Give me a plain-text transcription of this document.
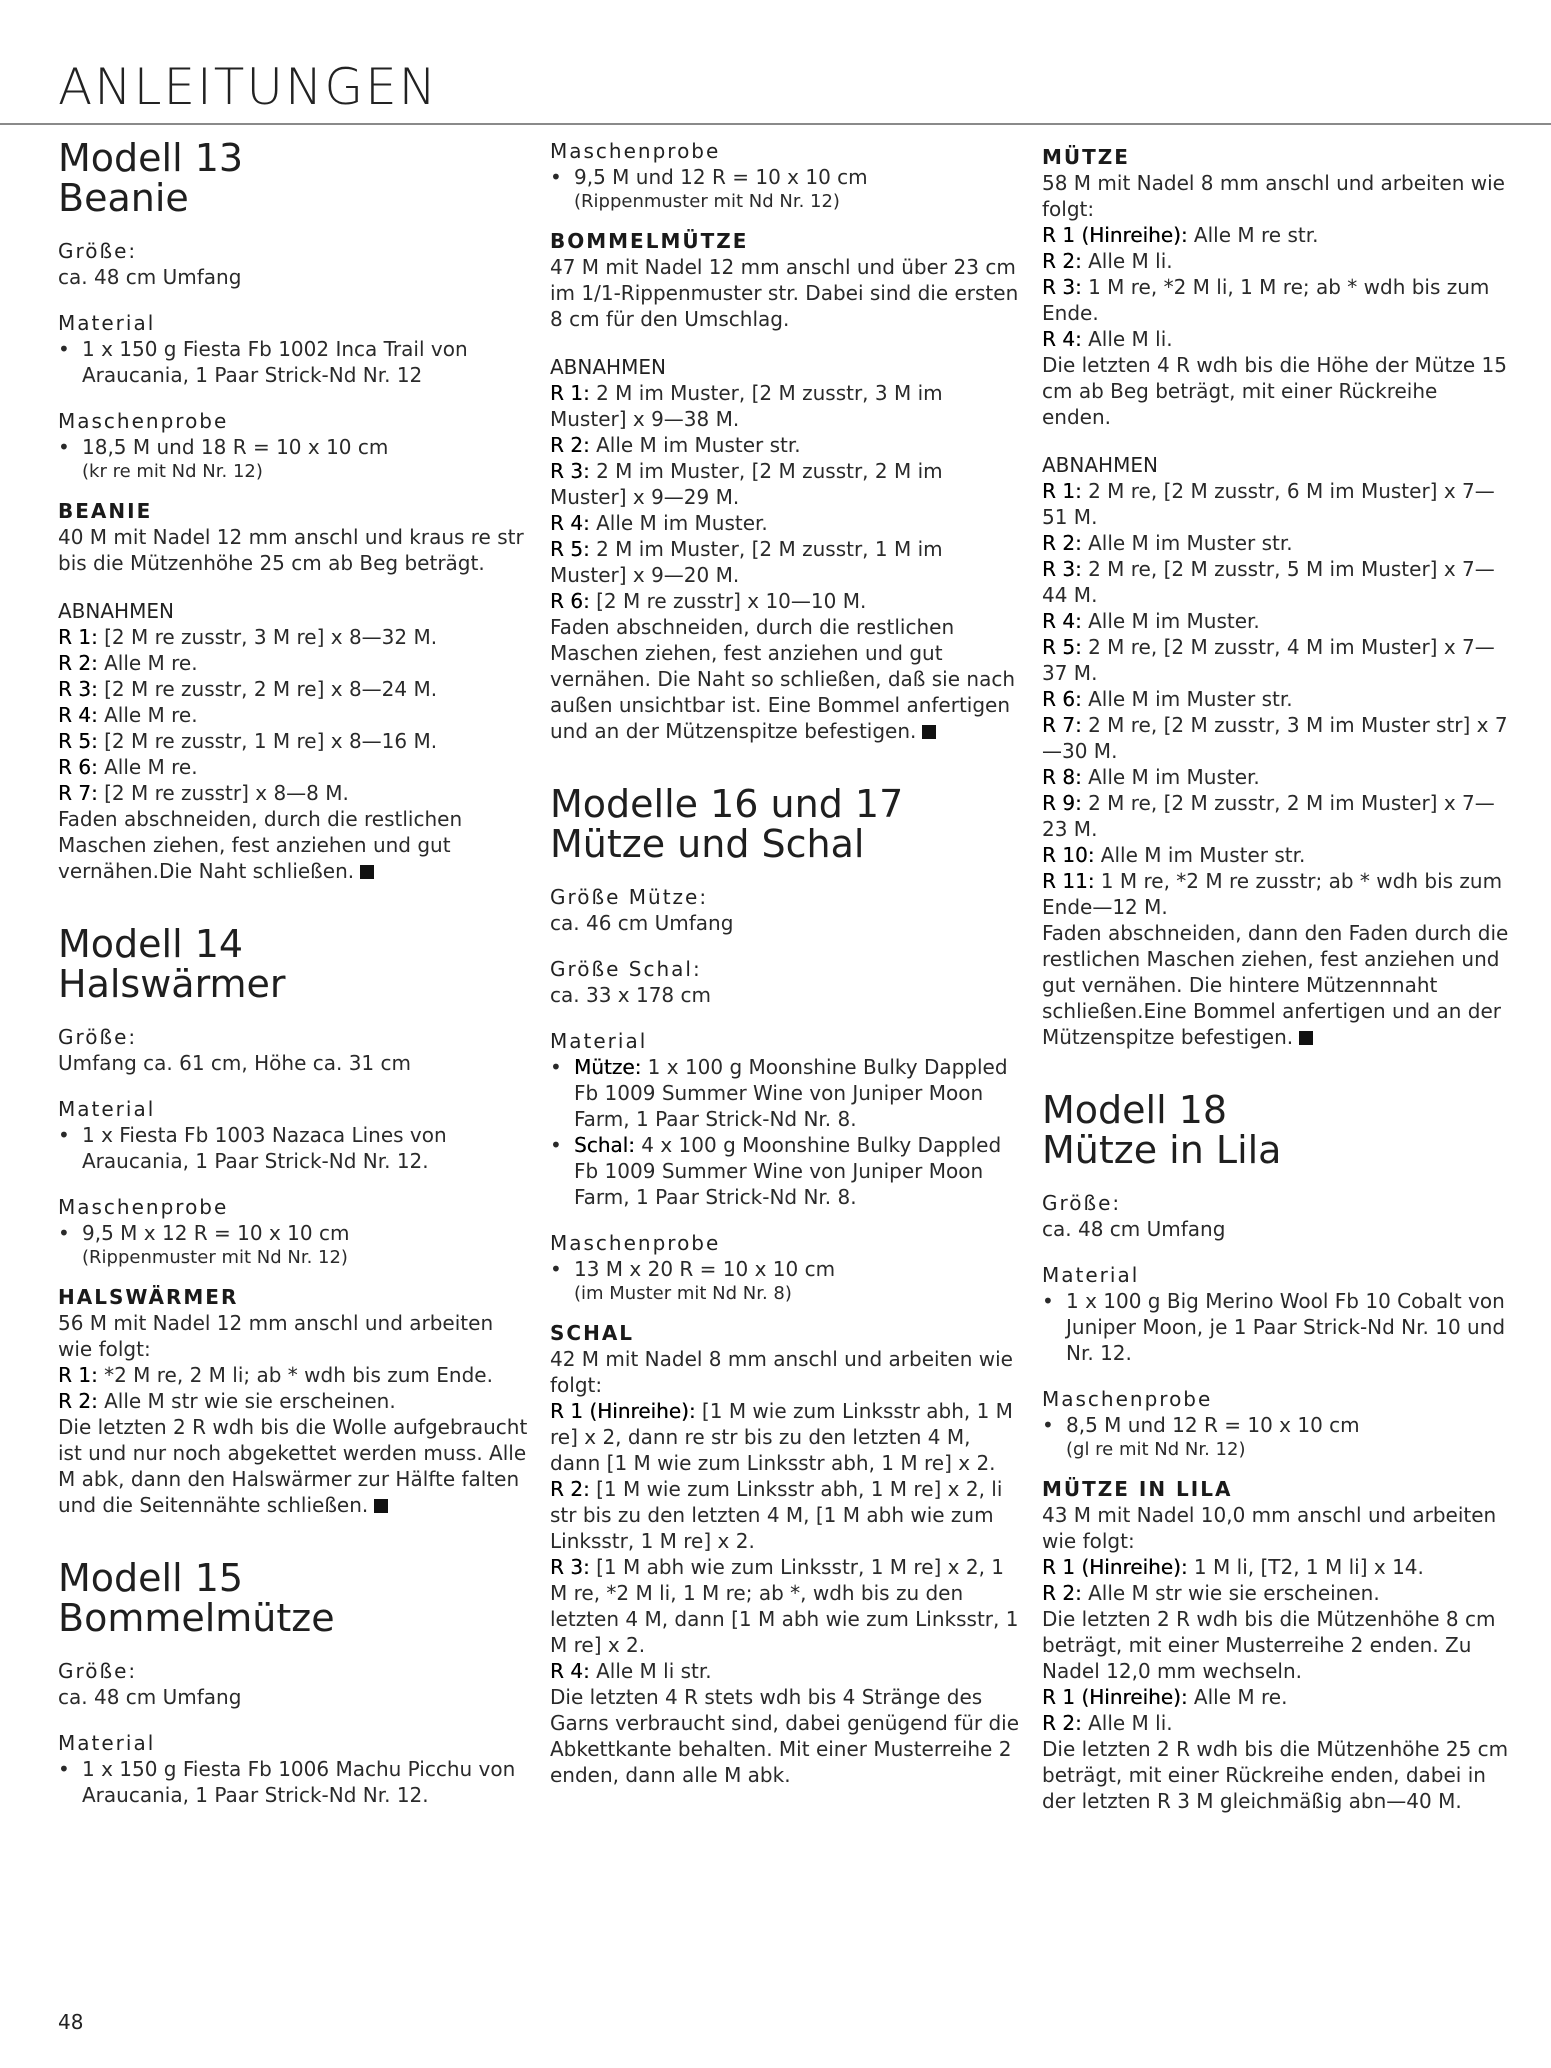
ANLEITUNGEN
Modell 13
Beanie
Größe:

ca. 48 cm Umfang

Material
• 1 x 150 g Fiesta Fb 1002 Inca Trail von Araucania, 1 Paar Strick-Nd Nr. 12
Maschenprobe
• 18,5 M und 18 R = 10 x 10 cm
(kr re mit Nd Nr. 12)
BEANIE

40 M mit Nadel 12 mm anschl und kraus re str bis die Mützenhöhe 25 cm ab Beg beträgt.

ABNAHMEN
R 1: [2 M re zusstr, 3 M re] x 8—32 M.
R 2: Alle M re.
R 3: [2 M re zusstr, 2 M re] x 8—24 M.
R 4: Alle M re.
R 5: [2 M re zusstr, 1 M re] x 8—16 M.
R 6: Alle M re.
R 7: [2 M re zusstr] x 8—8 M.

Faden abschneiden, durch die restlichen Maschen ziehen, fest anziehen und gut vernähen.Die Naht schließen.

Modell 14
Halswärmer
Größe:

Umfang ca. 61 cm, Höhe ca. 31 cm

Material
• 1 x Fiesta Fb 1003 Nazaca Lines von Araucania, 1 Paar Strick-Nd Nr. 12.
Maschenprobe
• 9,5 M x 12 R = 10 x 10 cm
(Rippenmuster mit Nd Nr. 12)
HALSWÄRMER

56 M mit Nadel 12 mm anschl und arbeiten wie folgt:

R 1: *2 M re, 2 M li; ab * wdh bis zum Ende.
R 2: Alle M str wie sie erscheinen.

Die letzten 2 R wdh bis die Wolle aufgebraucht ist und nur noch abgekettet werden muss. Alle M abk, dann den Halswärmer zur Hälfte falten und die Seitennähte schließen.

Modell 15
Bommelmütze
Größe:

ca. 48 cm Umfang

Material
• 1 x 150 g Fiesta Fb 1006 Machu Picchu von Araucania, 1 Paar Strick-Nd Nr. 12.
Maschenprobe
• 9,5 M und 12 R = 10 x 10 cm
(Rippenmuster mit Nd Nr. 12)
BOMMELMÜTZE

47 M mit Nadel 12 mm anschl und über 23 cm im 1/1-Rippenmuster str. Dabei sind die ersten 8 cm für den Umschlag.

ABNAHMEN
R 1: 2 M im Muster, [2 M zusstr, 3 M im Muster] x 9—38 M.
R 2: Alle M im Muster str.
R 3: 2 M im Muster, [2 M zusstr, 2 M im Muster] x 9—29 M.
R 4: Alle M im Muster.
R 5: 2 M im Muster, [2 M zusstr, 1 M im Muster] x 9—20 M.
R 6: [2 M re zusstr] x 10—10 M.

Faden abschneiden, durch die restlichen Maschen ziehen, fest anziehen und gut vernähen. Die Naht so schließen, daß sie nach außen unsichtbar ist. Eine Bommel anfertigen und an der Mützenspitze befestigen.

Modelle 16 und 17
Mütze und Schal
Größe Mütze:

ca. 46 cm Umfang

Größe Schal:

ca. 33 x 178 cm

Material
• Mütze: 1 x 100 g Moonshine Bulky Dappled Fb 1009 Summer Wine von Juniper Moon Farm, 1 Paar Strick-Nd Nr. 8.
• Schal: 4 x 100 g Moonshine Bulky Dappled Fb 1009 Summer Wine von Juniper Moon Farm, 1 Paar Strick-Nd Nr. 8.
Maschenprobe
• 13 M x 20 R = 10 x 10 cm
(im Muster mit Nd Nr. 8)
SCHAL

42 M mit Nadel 8 mm anschl und arbeiten wie folgt:

R 1 (Hinreihe): [1 M wie zum Linksstr abh, 1 M re] x 2, dann re str bis zu den letzten 4 M, dann [1 M wie zum Linksstr abh, 1 M re] x 2.
R 2: [1 M wie zum Linksstr abh, 1 M re] x 2, li str bis zu den letzten 4 M, [1 M abh wie zum Linksstr, 1 M re] x 2.
R 3: [1 M abh wie zum Linksstr, 1 M re] x 2, 1 M re, *2 M li, 1 M re; ab *, wdh bis zu den letzten 4 M, dann [1 M abh wie zum Linksstr, 1 M re] x 2.
R 4: Alle M li str.

Die letzten 4 R stets wdh bis 4 Stränge des Garns verbraucht sind, dabei genügend für die Abkettkante behalten. Mit einer Musterreihe 2 enden, dann alle M abk.

MÜTZE

58 M mit Nadel 8 mm anschl und arbeiten wie folgt:

R 1 (Hinreihe): Alle M re str.
R 2: Alle M li.
R 3: 1 M re, *2 M li, 1 M re; ab * wdh bis zum Ende.
R 4: Alle M li.

Die letzten 4 R wdh bis die Höhe der Mütze 15 cm ab Beg beträgt, mit einer Rückreihe enden.

ABNAHMEN
R 1: 2 M re, [2 M zusstr, 6 M im Muster] x 7—51 M.
R 2: Alle M im Muster str.
R 3: 2 M re, [2 M zusstr, 5 M im Muster] x 7—44 M.
R 4: Alle M im Muster.
R 5: 2 M re, [2 M zusstr, 4 M im Muster] x 7—37 M.
R 6: Alle M im Muster str.
R 7: 2 M re, [2 M zusstr, 3 M im Muster str] x 7—30 M.
R 8: Alle M im Muster.
R 9: 2 M re, [2 M zusstr, 2 M im Muster] x 7—23 M.
R 10: Alle M im Muster str.
R 11: 1 M re, *2 M re zusstr; ab * wdh bis zum Ende—12 M.

Faden abschneiden, dann den Faden durch die restlichen Maschen ziehen, fest anziehen und gut vernähen. Die hintere Mützennnaht schließen.Eine Bommel anfertigen und an der Mützenspitze befestigen.

Modell 18
Mütze in Lila
Größe:

ca. 48 cm Umfang

Material
• 1 x 100 g Big Merino Wool Fb 10 Cobalt von Juniper Moon, je 1 Paar Strick-Nd Nr. 10 und Nr. 12.
Maschenprobe
• 8,5 M und 12 R = 10 x 10 cm
(gl re mit Nd Nr. 12)
MÜTZE IN LILA

43 M mit Nadel 10,0 mm anschl und arbeiten wie folgt:

R 1 (Hinreihe): 1 M li, [T2, 1 M li] x 14.
R 2: Alle M str wie sie erscheinen.

Die letzten 2 R wdh bis die Mützenhöhe 8 cm beträgt, mit einer Musterreihe 2 enden. Zu Nadel 12,0 mm wechseln.

R 1 (Hinreihe): Alle M re.
R 2: Alle M li.

Die letzten 2 R wdh bis die Mützenhöhe 25 cm beträgt, mit einer Rückreihe enden, dabei in der letzten R 3 M gleichmäßig abn—40 M.

48
